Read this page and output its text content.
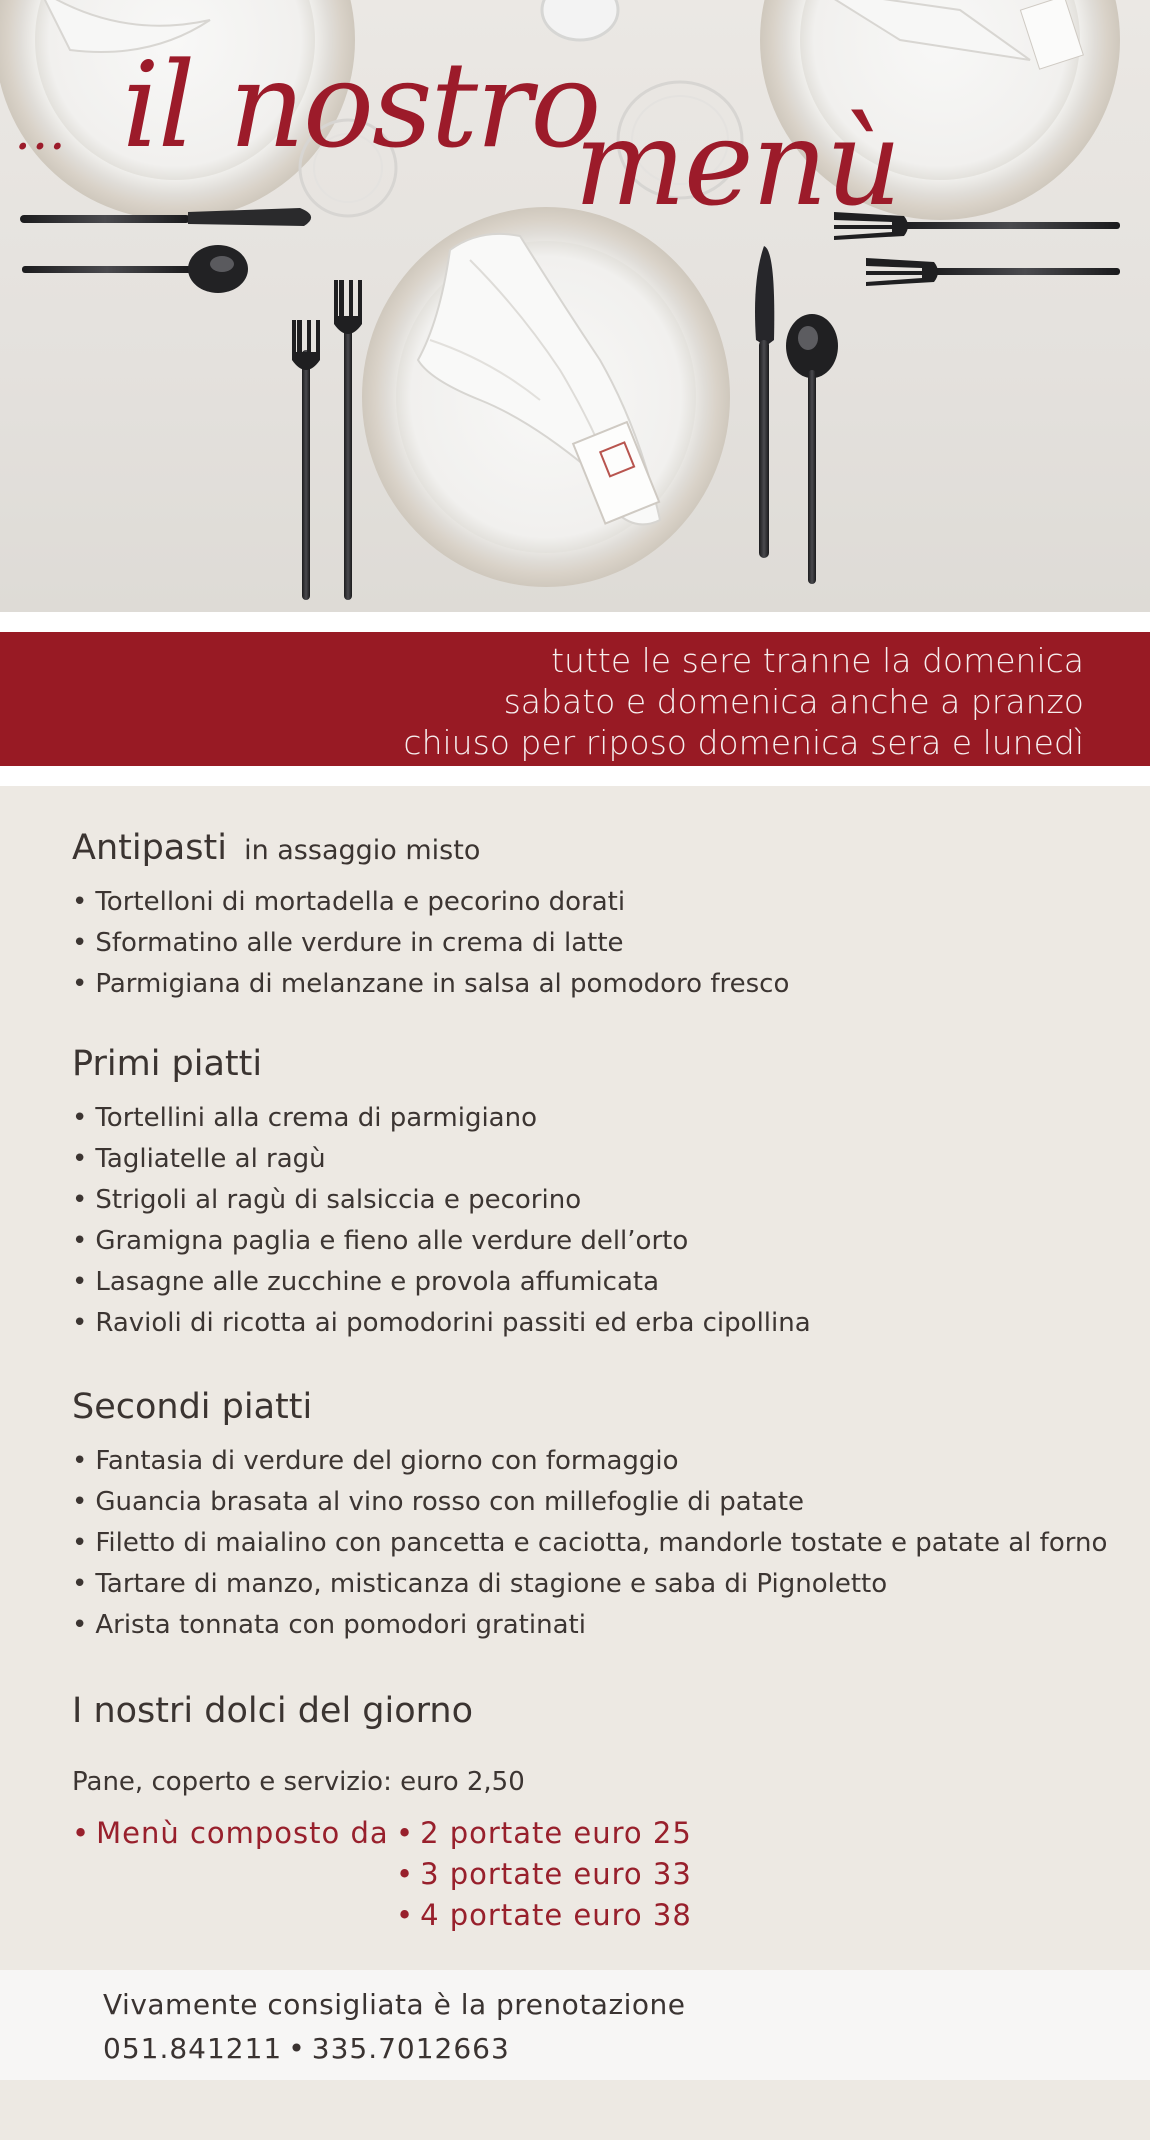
… il nostro
menù
tutte le sere tranne la domenica
sabato e domenica anche a pranzo
chiuso per riposo domenica sera e lunedì
Antipasti in assaggio misto
• Tortelloni di mortadella e pecorino dorati
• Sformatino alle verdure in crema di latte
• Parmigiana di melanzane in salsa al pomodoro fresco
Primi piatti
• Tortellini alla crema di parmigiano
• Tagliatelle al ragù
• Strigoli al ragù di salsiccia e pecorino
• Gramigna paglia e fieno alle verdure dell’orto
• Lasagne alle zucchine e provola affumicata
• Ravioli di ricotta ai pomodorini passiti ed erba cipollina
Secondi piatti
• Fantasia di verdure del giorno con formaggio
• Guancia brasata al vino rosso con millefoglie di patate
• Filetto di maialino con pancetta e caciotta, mandorle tostate e patate al forno
• Tartare di manzo, misticanza di stagione e saba di Pignoletto
• Arista tonnata con pomodori gratinati
I nostri dolci del giorno
Pane, coperto e servizio: euro 2,50
• Menù composto da
•	2 portate euro 25
• 3 portate euro 33
• 4 portate euro 38
Vivamente consigliata è la prenotazione
051.841211 • 335.7012663
